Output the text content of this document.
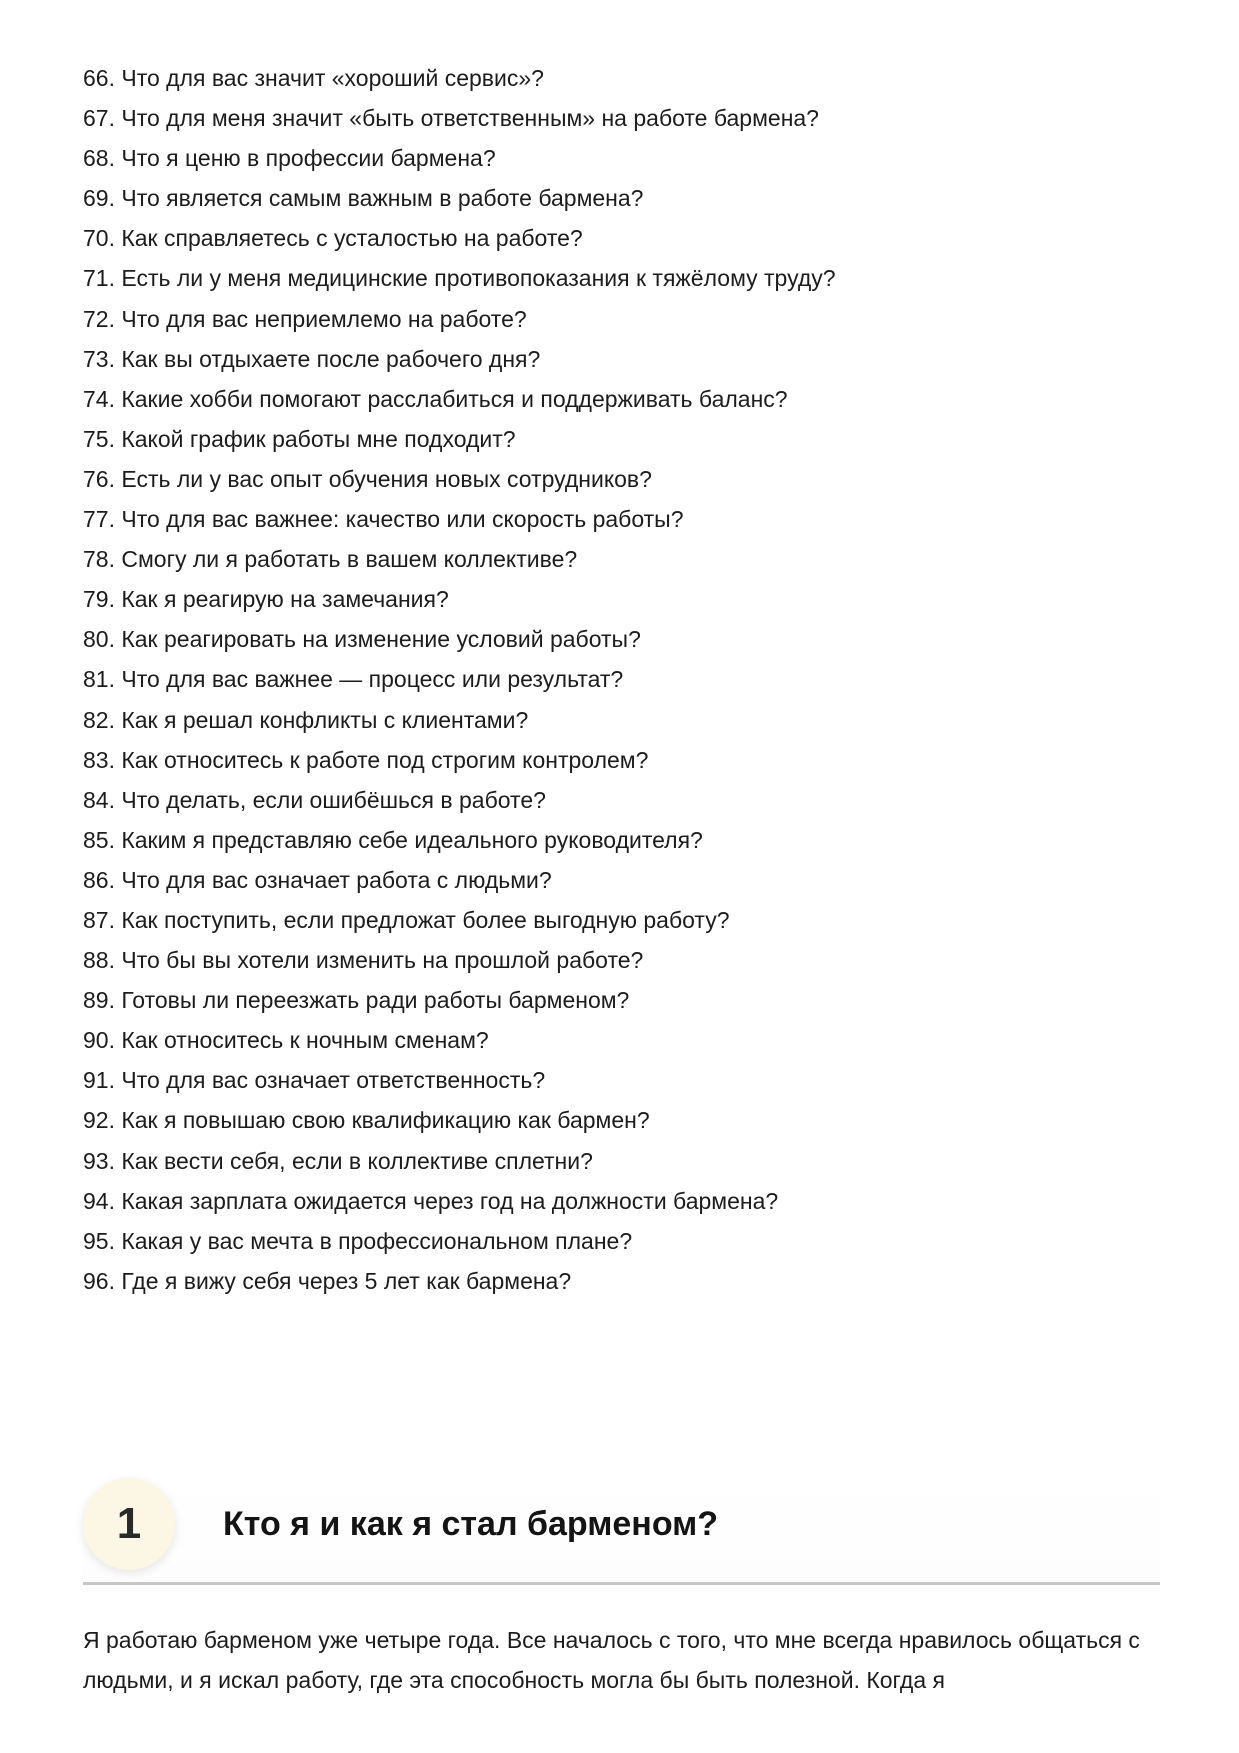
66. Что для вас значит «хороший сервис»?
67. Что для меня значит «быть ответственным» на работе бармена?
68. Что я ценю в профессии бармена?
69. Что является самым важным в работе бармена?
70. Как справляетесь с усталостью на работе?
71. Есть ли у меня медицинские противопоказания к тяжёлому труду?
72. Что для вас неприемлемо на работе?
73. Как вы отдыхаете после рабочего дня?
74. Какие хобби помогают расслабиться и поддерживать баланс?
75. Какой график работы мне подходит?
76. Есть ли у вас опыт обучения новых сотрудников?
77. Что для вас важнее: качество или скорость работы?
78. Смогу ли я работать в вашем коллективе?
79. Как я реагирую на замечания?
80. Как реагировать на изменение условий работы?
81. Что для вас важнее — процесс или результат?
82. Как я решал конфликты с клиентами?
83. Как относитесь к работе под строгим контролем?
84. Что делать, если ошибёшься в работе?
85. Каким я представляю себе идеального руководителя?
86. Что для вас означает работа с людьми?
87. Как поступить, если предложат более выгодную работу?
88. Что бы вы хотели изменить на прошлой работе?
89. Готовы ли переезжать ради работы барменом?
90. Как относитесь к ночным сменам?
91. Что для вас означает ответственность?
92. Как я повышаю свою квалификацию как бармен?
93. Как вести себя, если в коллективе сплетни?
94. Какая зарплата ожидается через год на должности бармена?
95. Какая у вас мечта в профессиональном плане?
96. Где я вижу себя через 5 лет как бармена?
1	Кто я и как я стал барменом?

Я работаю барменом уже четыре года. Все началось с того, что мне всегда нравилось общаться с людьми, и я искал работу, где эта способность могла бы быть полезной. Когда я
